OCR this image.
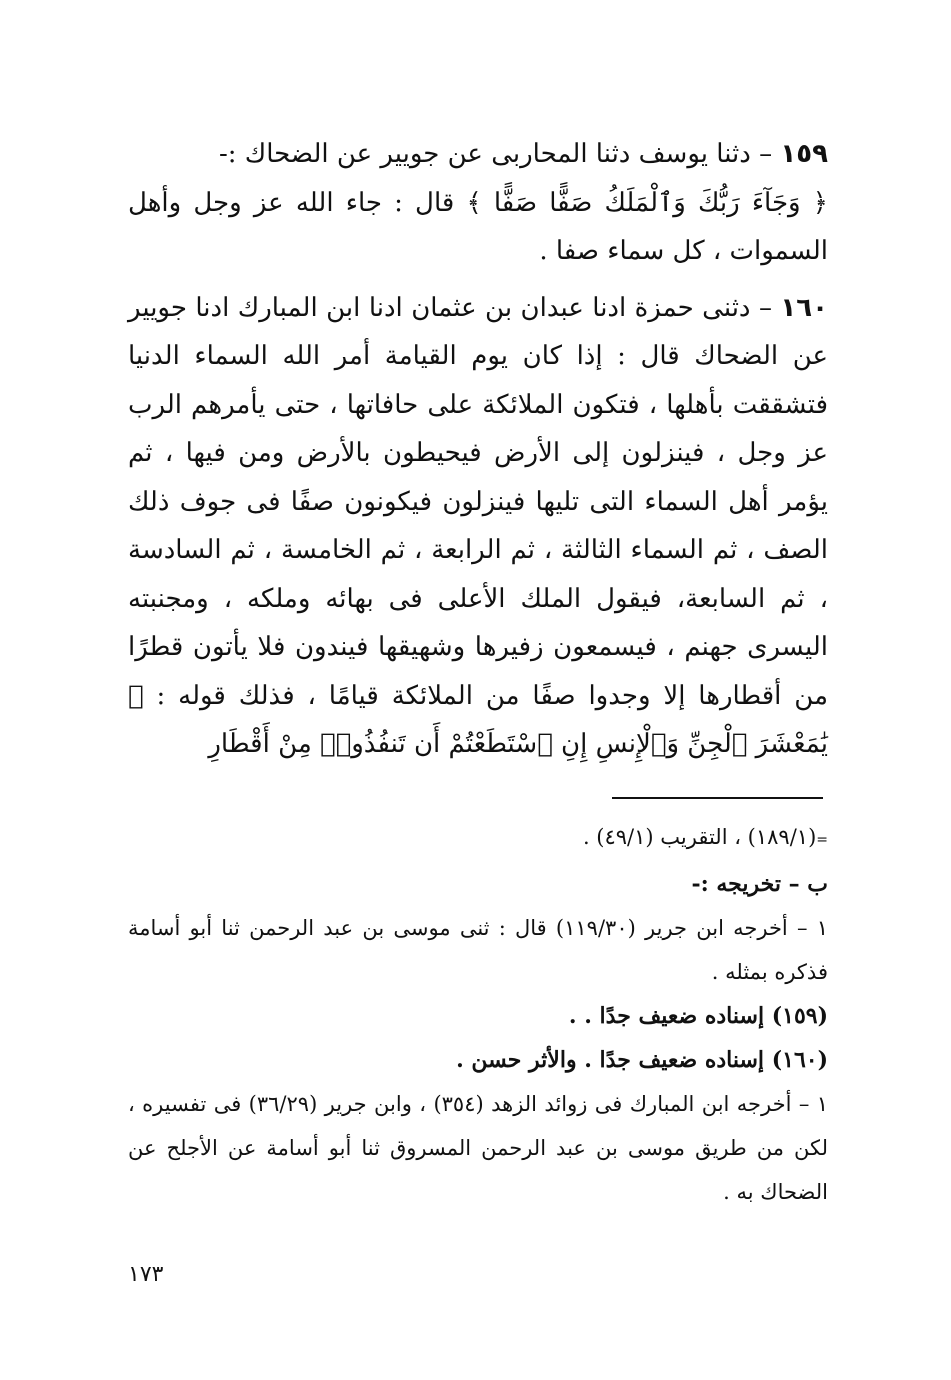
١٥٩ – دثنا يوسف دثنا المحاربى عن جويير عن الضحاك :-
﴿ وَجَآءَ رَبُّكَ وَٱلْمَلَكُ صَفًّا صَفًّا ﴾ قال : جاء الله عز وجل وأهل السموات ، كل سماء صفا .

١٦٠ – دثنى حمزة ادنا عبدان بن عثمان ادنا ابن المبارك ادنا جويير عن الضحاك قال : إذا كان يوم القيامة أمر الله السماء الدنيا فتشققت بأهلها ، فتكون الملائكة على حافاتها ، حتى يأمرهم الرب عز وجل ، فينزلون إلى الأرض فيحيطون بالأرض ومن فيها ، ثم يؤمر أهل السماء التى تليها فينزلون فيكونون صفًا فى جوف ذلك الصف ، ثم السماء الثالثة ، ثم الرابعة ، ثم الخامسة ، ثم السادسة ، ثم السابعة، فيقول الملك الأعلى فى بهائه وملكه ، ومجنبته اليسرى جهنم ، فيسمعون زفيرها وشهيقها فيندون فلا يأتون قطرًا من أقطارها إلا وجدوا صفًا من الملائكة قيامًا ، فذلك قوله : ﴿ يَٰمَعْشَرَ ٱلْجِنِّ وَٱلْإِنسِ إِنِ ٱسْتَطَعْتُمْ أَن تَنفُذُوا۟ مِنْ أَقْطَارِ

=(١٨٩/١) ، التقريب (٤٩/١) .

ب – تخريجه :-

١ – أخرجه ابن جرير (١١٩/٣٠) قال : ثنى موسى بن عبد الرحمن ثنا أبو أسامة فذكره بمثله .

(١٥٩) إسناده ضعيف جدًا . .

(١٦٠) إسناده ضعيف جدًا . والأثر حسن .

١ – أخرجه ابن المبارك فى زوائد الزهد (٣٥٤) ، وابن جرير (٣٦/٢٩) فى تفسيره ، لكن من طريق موسى بن عبد الرحمن المسروق ثنا أبو أسامة عن الأجلح عن الضحاك به .

١٧٣
